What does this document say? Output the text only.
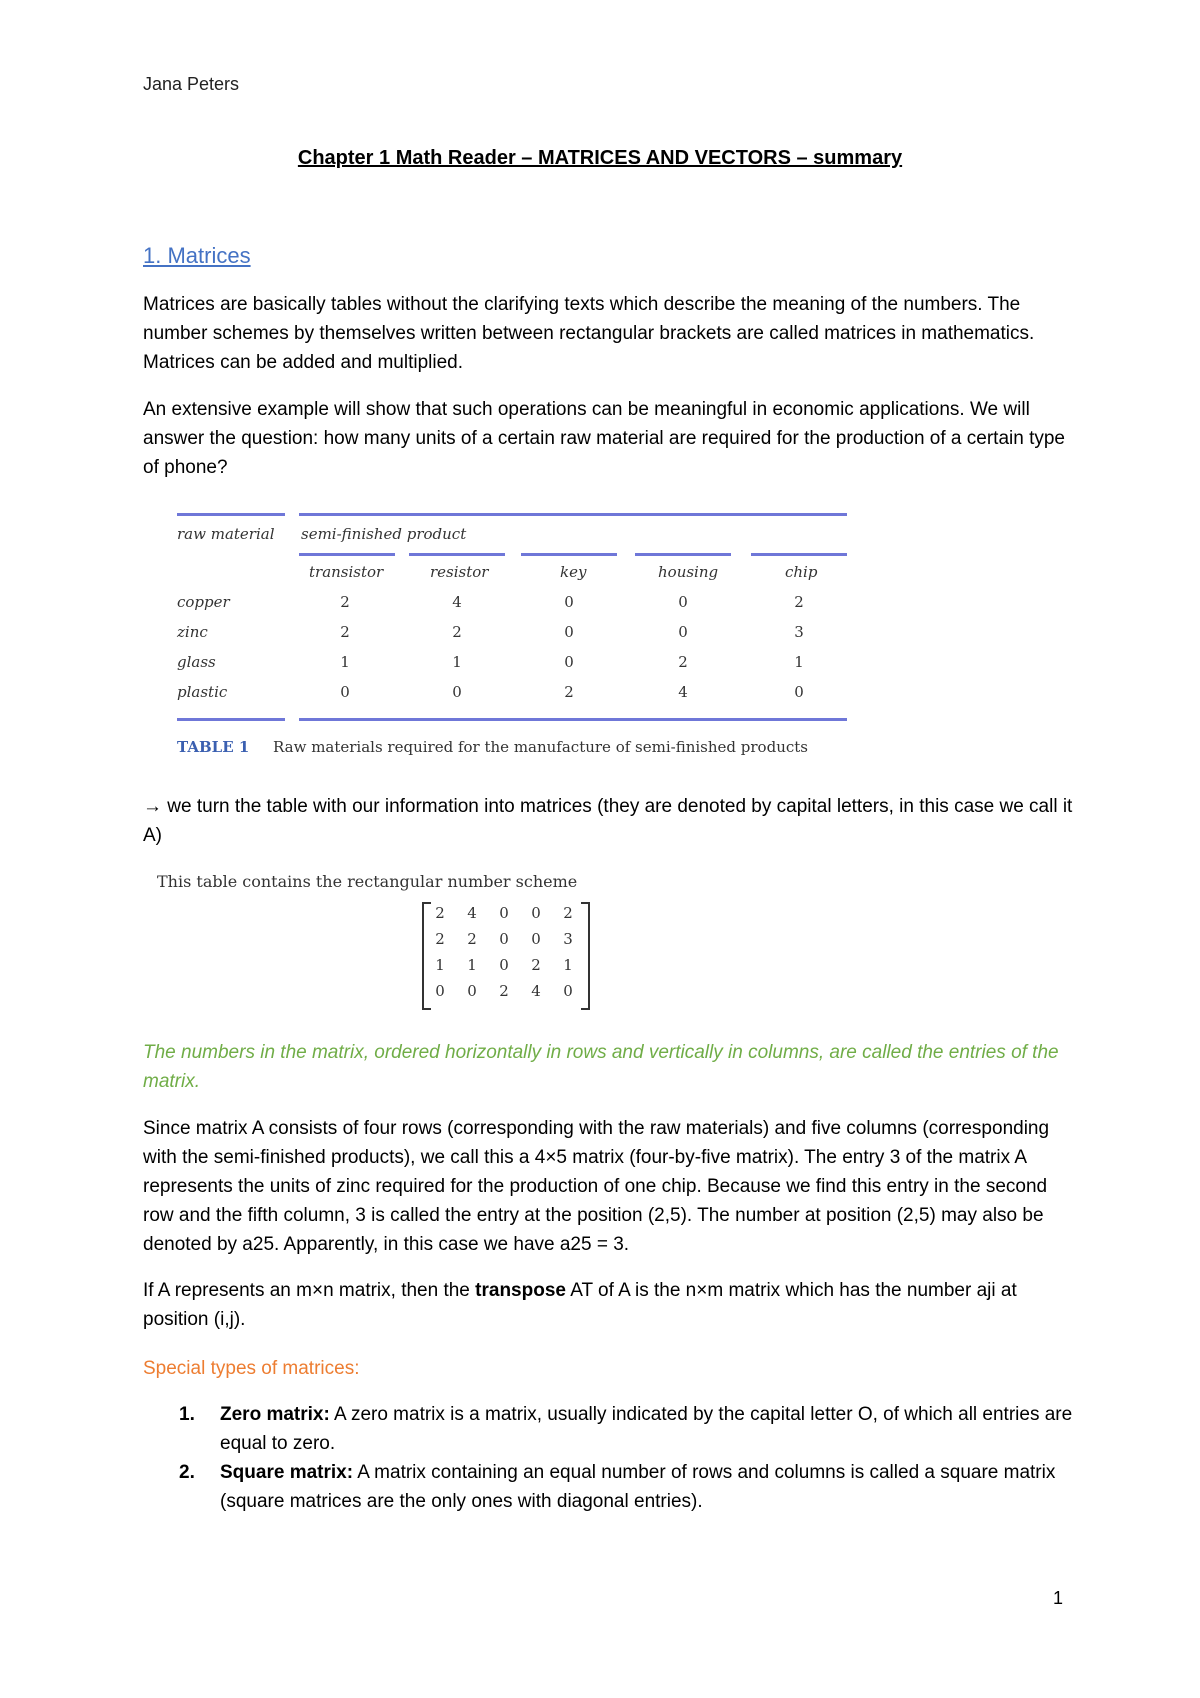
Jana Peters
Chapter 1 Math Reader – MATRICES AND VECTORS – summary
1. Matrices
Matrices are basically tables without the clarifying texts which describe the meaning of the numbers. The number schemes by themselves written between rectangular brackets are called matrices in mathematics. Matrices can be added and multiplied.
An extensive example will show that such operations can be meaningful in economic applications. We will answer the question: how many units of a certain raw material are required for the production of a certain type of phone?
raw material semi-finished product
transistor	resistor	key	housing	chip
copper	2	4	0	0	2
zinc	2	2	0	0	3
glass	1	1	0	2	1
plastic	0	0	2	4	0
TABLE 1 Raw materials required for the manufacture of semi-finished products
→ we turn the table with our information into matrices (they are denoted by capital letters, in this case we call it A)
This table contains the rectangular number scheme
2	4	0	0	2
2	2	0	0	3
1	1	0	2	1
0	0	2	4	0
The numbers in the matrix, ordered horizontally in rows and vertically in columns, are called the entries of the matrix.
Since matrix A consists of four rows (corresponding with the raw materials) and five columns (corresponding with the semi-finished products), we call this a 4×5 matrix (four-by-five matrix). The entry 3 of the matrix A represents the units of zinc required for the production of one chip. Because we find this entry in the second row and the fifth column, 3 is called the entry at the position (2,5). The number at position (2,5) may also be denoted by a25. Apparently, in this case we have a25 = 3.
If A represents an m×n matrix, then the transpose AT of A is the n×m matrix which has the number aji at position (i,j).
Special types of matrices:
1. Zero matrix: A zero matrix is a matrix, usually indicated by the capital letter O, of which all entries are equal to zero.
2. Square matrix: A matrix containing an equal number of rows and columns is called a square matrix (square matrices are the only ones with diagonal entries).
1
